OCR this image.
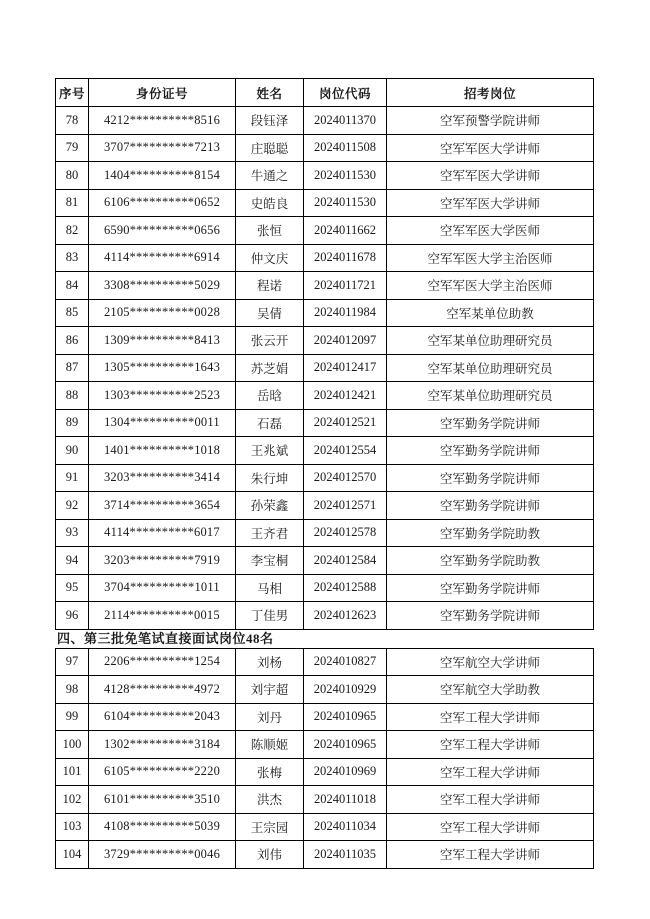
序号	身份证号	姓名	岗位代码	招考岗位
78	4212**********8516	段钰泽	2024011370	空军预警学院讲师
79	3707**********7213	庄聪聪	2024011508	空军军医大学讲师
80	1404**********8154	牛通之	2024011530	空军军医大学讲师
81	6106**********0652	史皓良	2024011530	空军军医大学讲师
82	6590**********0656	张恒	2024011662	空军军医大学医师
83	4114**********6914	仲文庆	2024011678	空军军医大学主治医师
84	3308**********5029	程诺	2024011721	空军军医大学主治医师
85	2105**********0028	吴倩	2024011984	空军某单位助教
86	1309**********8413	张云开	2024012097	空军某单位助理研究员
87	1305**********1643	苏芝娟	2024012417	空军某单位助理研究员
88	1303**********2523	岳晗	2024012421	空军某单位助理研究员
89	1304**********0011	石磊	2024012521	空军勤务学院讲师
90	1401**********1018	王兆斌	2024012554	空军勤务学院讲师
91	3203**********3414	朱行坤	2024012570	空军勤务学院讲师
92	3714**********3654	孙荣鑫	2024012571	空军勤务学院讲师
93	4114**********6017	王齐君	2024012578	空军勤务学院助教
94	3203**********7919	李宝桐	2024012584	空军勤务学院助教
95	3704**********1011	马相	2024012588	空军勤务学院讲师
96	2114**********0015	丁佳男	2024012623	空军勤务学院讲师
四、第三批免笔试直接面试岗位48名
97	2206**********1254	刘杨	2024010827	空军航空大学讲师
98	4128**********4972	刘宇超	2024010929	空军航空大学助教
99	6104**********2043	刘丹	2024010965	空军工程大学讲师
100	1302**********3184	陈顺姬	2024010965	空军工程大学讲师
101	6105**********2220	张梅	2024010969	空军工程大学讲师
102	6101**********3510	洪杰	2024011018	空军工程大学讲师
103	4108**********5039	王宗园	2024011034	空军工程大学讲师
104	3729**********0046	刘伟	2024011035	空军工程大学讲师
